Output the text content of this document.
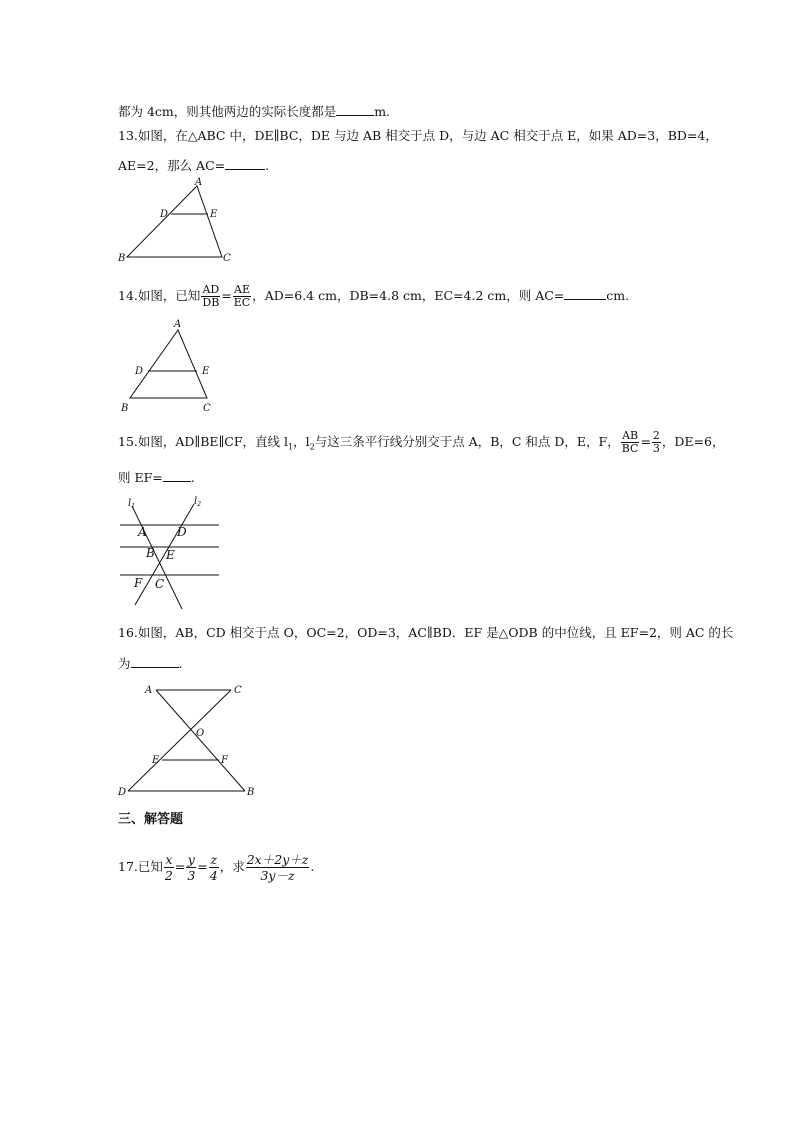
都为 4cm，则其他两边的实际长度都是	m.
13.如图，在△ABC 中，DE∥BC，DE 与边 AB 相交于点 D，与边 AC 相交于点 E，如果 AD=3，BD=4，
AE=2，那么 AC=	.
A
D	E
B	C
14.如图，已知 $\frac{AD}{DB} = \frac{AE}{EC}$ ，AD=6.4 cm，DB=4.8 cm，EC=4.2 cm，则 AC=	cm.
A
D	E
B	C
15.如图，AD∥BE∥CF，直线 $l_1$，$l_2$与这三条平行线分别交于点 A，B，C 和点 D，E，F， $\frac{AB}{BC} = \frac{2}{3}$ ，DE=6，
则 EF= .
$l_1$	$l_2$
A	D
B E
F C
16.如图，AB，CD 相交于点 O，OC=2，OD=3，AC∥BD．EF 是△ODB 的中位线，且 EF=2，则 AC 的长
为	.
A	C
O
E	F
D	B
三、解答题
17.已知 $\frac{x}{2} = \frac{y}{3} = \frac{z}{4}$ ，求 $\frac{2x+2y+z}{3y-z}$ .
